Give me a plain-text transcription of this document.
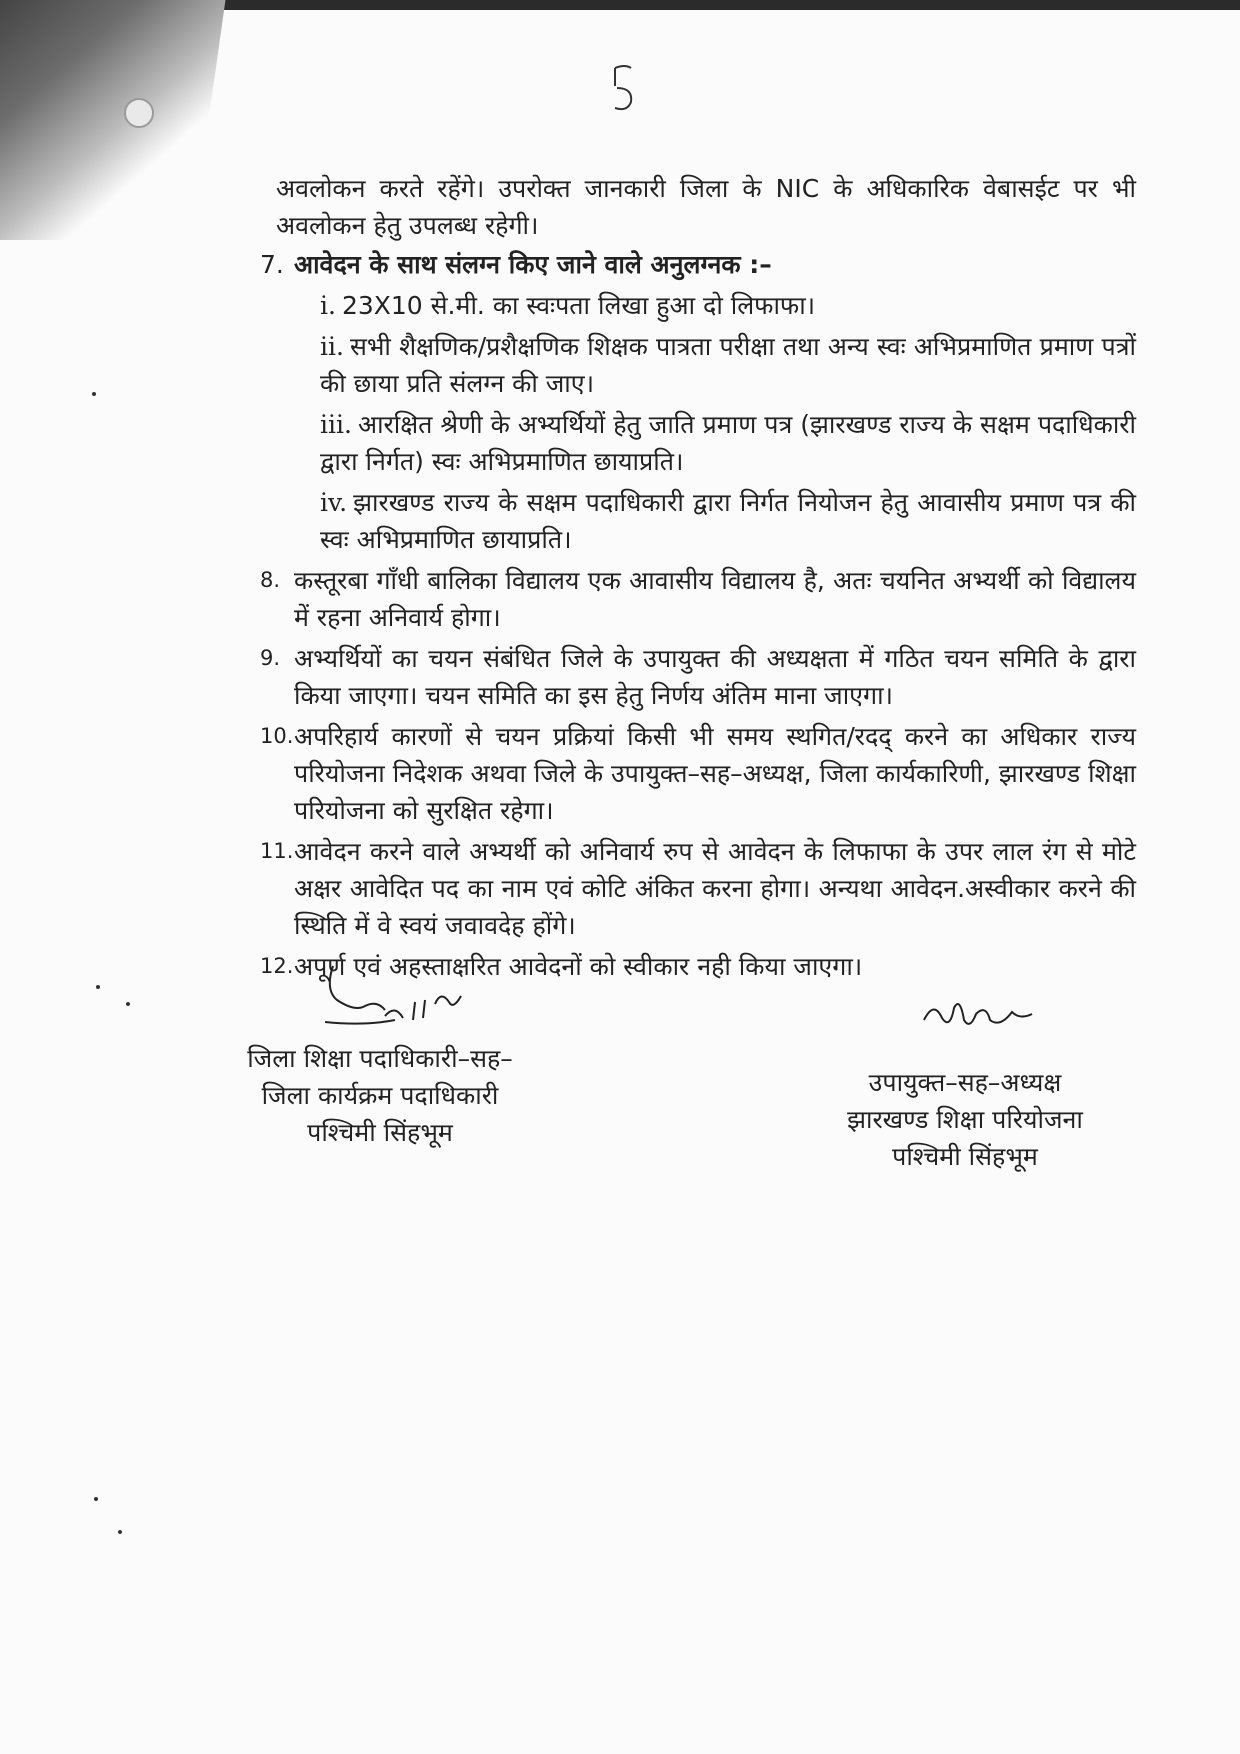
अवलोकन करते रहेंगे। उपरोक्त जानकारी जिला के NIC के अधिकारिक वेबासईट पर भी अवलोकन हेतु उपलब्ध रहेगी।

7. आवेदन के साथ संलग्न किए जाने वाले अनुलग्नक :–
i. 23X10 से.मी. का स्वःपता लिखा हुआ दो लिफाफा।
ii. सभी शैक्षणिक/प्रशैक्षणिक शिक्षक पात्रता परीक्षा तथा अन्य स्वः अभिप्रमाणित प्रमाण पत्रों की छाया प्रति संलग्न की जाए।
iii. आरक्षित श्रेणी के अभ्यर्थियों हेतु जाति प्रमाण पत्र (झारखण्ड राज्य के सक्षम पदाधिकारी द्वारा निर्गत) स्वः अभिप्रमाणित छायाप्रति।
iv. झारखण्ड राज्य के सक्षम पदाधिकारी द्वारा निर्गत नियोजन हेतु आवासीय प्रमाण पत्र की स्वः अभिप्रमाणित छायाप्रति।
8. कस्तूरबा गाँधी बालिका विद्यालय एक आवासीय विद्यालय है, अतः चयनित अभ्यर्थी को विद्यालय में रहना अनिवार्य होगा।
9. अभ्यर्थियों का चयन संबंधित जिले के उपायुक्त की अध्यक्षता में गठित चयन समिति के द्वारा किया जाएगा। चयन समिति का इस हेतु निर्णय अंतिम माना जाएगा।
10. अपरिहार्य कारणों से चयन प्रक्रियां किसी भी समय स्थगित/रदद् करने का अधिकार राज्य परियोजना निदेशक अथवा जिले के उपायुक्त–सह–अध्यक्ष, जिला कार्यकारिणी, झारखण्ड शिक्षा परियोजना को सुरक्षित रहेगा।
11. आवेदन करने वाले अभ्यर्थी को अनिवार्य रुप से आवेदन के लिफाफा के उपर लाल रंग से मोटे अक्षर आवेदित पद का नाम एवं कोटि अंकित करना होगा। अन्यथा आवेदन.अस्वीकार करने की स्थिति में वे स्वयं जवावदेह होंगे।
12. अपूर्ण एवं अहस्ताक्षरित आवेदनों को स्वीकार नही किया जाएगा।
जिला शिक्षा पदाधिकारी–सह–
जिला कार्यक्रम पदाधिकारी
पश्चिमी सिंहभूम
उपायुक्त–सह–अध्यक्ष
झारखण्ड शिक्षा परियोजना
पश्चिमी सिंहभूम
